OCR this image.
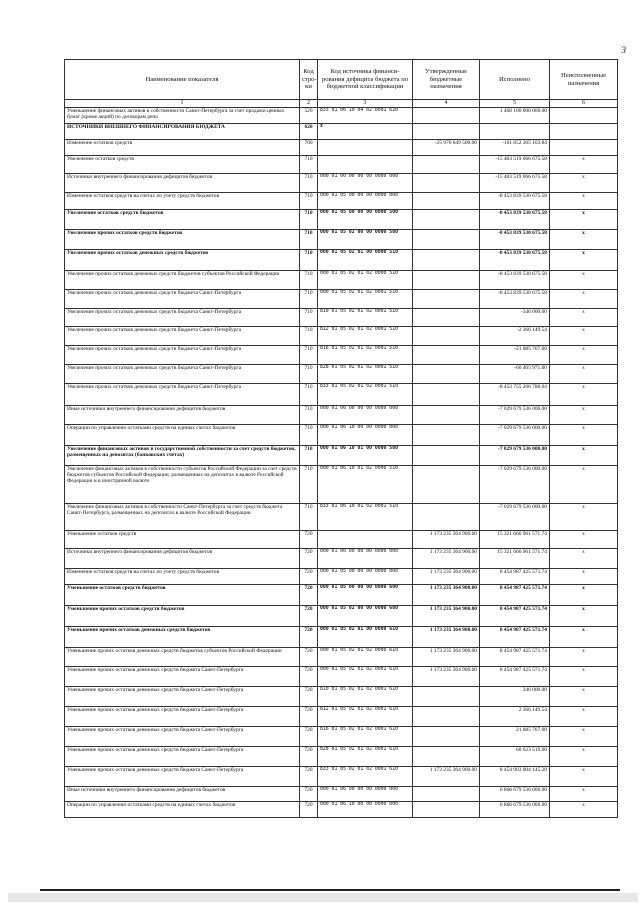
3
Наименование показателя	Код стро-ки	Код источника финанси-рования дефицита бюджета по бюджетной классификации	Утвержденные бюджетные назначения	Исполнено	Неисполненные назначения
1	2	3	4	5	6
Уменьшение финансовых активов в собственности Санкт-Петербурга за счет продажи ценных бумаг (кроме акций) по договорам репо	520	833 01 06 10 04 02 0001 620		1 468 100 000 000.00	
ИСТОЧНИКИ ВНЕШНЕГО ФИНАНСИРОВАНИЯ БЮДЖЕТА	620	x			
Изменение остатков средств	700		-25 976 649 500.00	-161 852 305 103.84	
Увеличение остатков средств	710			-15 483 519 066 675.58	x
Источники внутреннего финансирования дефицитов бюджетов	710	000 01 00 00 00 00 0000 000		-15 483 519 066 675.58	x
Изменение остатков средств на счетах по учету средств бюджетов	710	000 01 05 00 00 00 0000 000		-8 453 839 530 675.58	x
Увеличение остатков средств бюджетов	710	000 01 05 00 00 00 0000 500		-8 453 839 530 675.58	x
Увеличение прочих остатков средств бюджетов	710	000 01 05 02 00 00 0000 500		-8 453 839 530 675.58	x
Увеличение прочих остатков денежных средств бюджетов	710	000 01 05 02 01 00 0000 510		-8 453 839 530 675.58	x
Увеличение прочих остатков денежных средств бюджетов субъектов Российской Федерации	710	000 01 05 02 01 02 0000 510		-8 453 839 530 675.58	x
Увеличение прочих остатков денежных средств бюджета Санкт-Петербурга	710	000 01 05 02 01 02 0001 510		-8 453 839 530 675.58	x
Увеличение прочих остатков денежных средств бюджета Санкт-Петербурга	710	810 01 05 02 01 02 0001 510		-346 000.00	x
Увеличение прочих остатков денежных средств бюджета Санкт-Петербурга	710	812 01 05 02 01 02 0001 510		-2 366 149.54	x
Увеличение прочих остатков денежных средств бюджета Санкт-Петербурга	710	816 01 05 02 01 02 0001 510		-21 085 767.00	x
Увеличение прочих остатков денежных средств бюджета Санкт-Петербурга	710	828 01 05 02 01 02 0001 510		-60 465 971.00	x
Увеличение прочих остатков денежных средств бюджета Санкт-Петербурга	710	833 01 05 02 01 02 0001 510		-8 453 755 266 788.04	x
Иные источники внутреннего финансирования дефицитов бюджетов	710	000 01 06 00 00 00 0000 000		-7 029 679 536 000.00	x
Операции по управлению остатками средств на единых счетах бюджетов	710	000 01 06 10 00 00 0000 000		-7 029 679 536 000.00	x
Увеличение финансовых активов в государственной собственности за счет средств бюджетов, размещенных на депозитах (банковских счетах)	710	000 01 06 10 01 00 0000 500		-7 029 679 536 000.00	x
Увеличение финансовых активов в собственности субъектов Российской Федерации за счет средств бюджетов субъектов Российской Федерации, размещенных на депозитах в валюте Российской Федерации и в иностранной валюте	710	000 01 06 10 01 02 0000 510		-7 029 679 536 000.00	x
Увеличение финансовых активов в собственности Санкт-Петербурга за счет средств бюджета Санкт-Петербурга, размещенных на депозитах в валюте Российской Федерации	710	833 01 06 10 01 02 0001 510		-7 029 679 536 000.00	x
Уменьшение остатков средств	720		1 173 235 364 900.00	15 321 666 961 571.74	x
Источники внутреннего финансирования дефицитов бюджетов	720	000 01 00 00 00 00 0000 000	1 173 235 364 900.00	15 321 666 961 571.74	x
Изменение остатков средств на счетах по учету средств бюджетов	720	000 01 05 00 00 00 0000 000	1 173 235 364 900.00	8 454 987 425 571.74	x
Уменьшение остатков средств бюджетов	720	000 01 05 00 00 00 0000 600	1 173 235 364 900.00	8 454 987 425 571.74	x
Уменьшение прочих остатков средств бюджетов	720	000 01 05 02 00 00 0000 600	1 173 235 364 900.00	8 454 987 425 571.74	x
Уменьшение прочих остатков денежных средств бюджетов	720	000 01 05 02 01 00 0000 610	1 173 235 364 900.00	8 454 987 425 571.74	x
Уменьшение прочих остатков денежных средств бюджетов субъектов Российской Федерации	720	000 01 05 02 01 02 0000 610	1 173 235 364 900.00	8 454 987 425 571.74	x
Уменьшение прочих остатков денежных средств бюджета Санкт-Петербурга	720	000 01 05 02 01 02 0001 610	1 173 235 364 900.00	8 454 987 425 571.74	x
Уменьшение прочих остатков денежных средств бюджета Санкт-Петербурга	720	810 01 05 02 01 02 0001 610		346 000.00	x
Уменьшение прочих остатков денежных средств бюджета Санкт-Петербурга	720	812 01 05 02 01 02 0001 610		2 366 149.54	x
Уменьшение прочих остатков денежных средств бюджета Санкт-Петербурга	720	816 01 05 02 01 02 0001 610		21 085 767.00	x
Уменьшение прочих остатков денежных средств бюджета Санкт-Петербурга	720	828 01 05 02 01 02 0001 610		60 623 510.00	x
Уменьшение прочих остатков денежных средств бюджета Санкт-Петербурга	720	833 01 05 02 01 02 0001 610	1 173 235 364 900.00	8 454 903 004 145.20	x
Иные источники внутреннего финансирования дефицитов бюджетов	720	000 01 06 00 00 00 0000 000		6 866 679 536 000.00	x
Операции по управлению остатками средств на единых счетах бюджетов	720	000 01 06 10 00 00 0000 000		6 866 679 536 000.00	x
